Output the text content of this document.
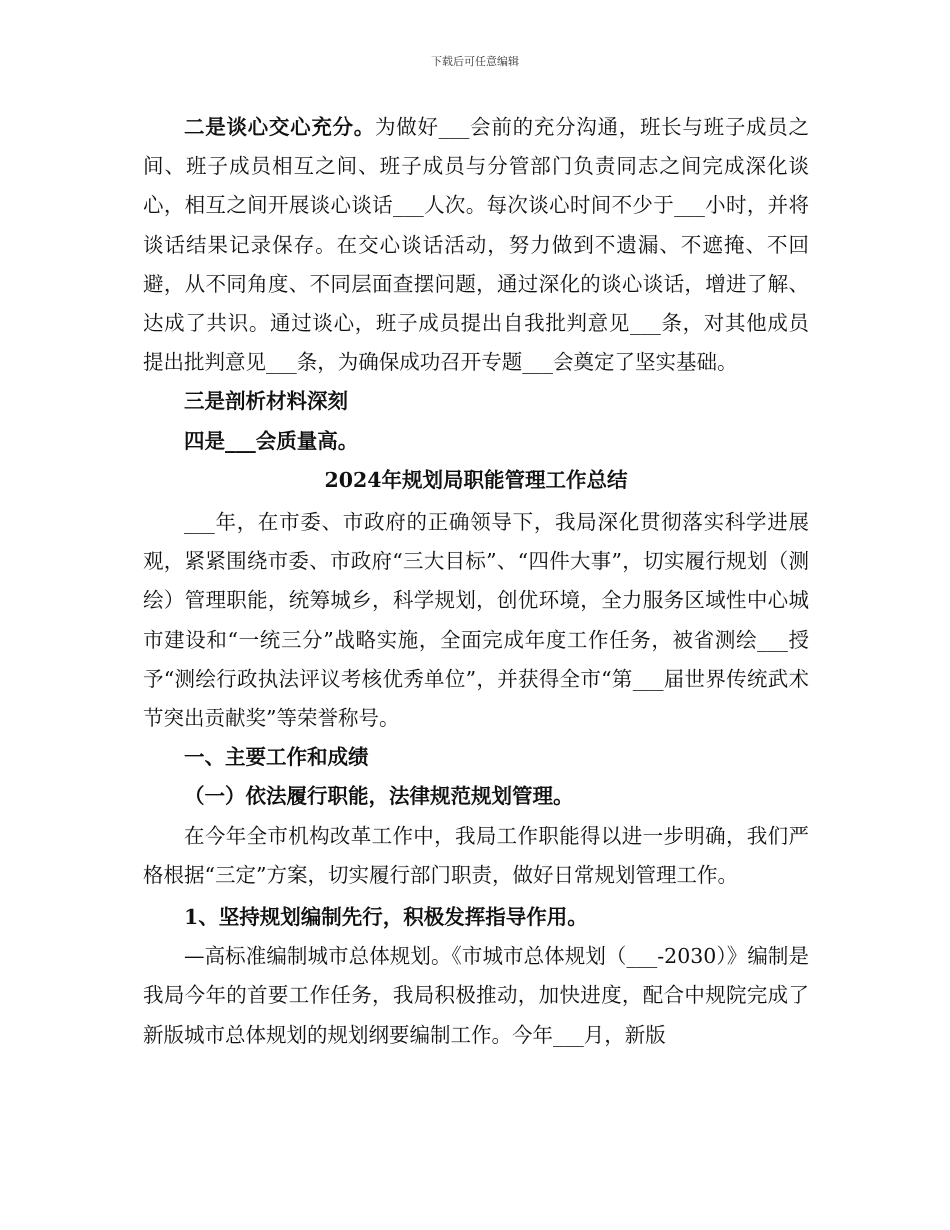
下载后可任意编辑

二是谈心交心充分。为做好___会前的充分沟通，班长与班子成员之间、班子成员相互之间、班子成员与分管部门负责同志之间完成深化谈心，相互之间开展谈心谈话___人次。每次谈心时间不少于___小时，并将谈话结果记录保存。在交心谈话活动，努力做到不遗漏、不遮掩、不回避，从不同角度、不同层面查摆问题，通过深化的谈心谈话，增进了解、达成了共识。通过谈心，班子成员提出自我批判意见___条，对其他成员提出批判意见___条，为确保成功召开专题___会奠定了坚实基础。

三是剖析材料深刻

四是___会质量高。

2024年规划局职能管理工作总结

___年，在市委、市政府的正确领导下，我局深化贯彻落实科学进展观，紧紧围绕市委、市政府“三大目标”、“四件大事”，切实履行规划（测绘）管理职能，统筹城乡，科学规划，创优环境，全力服务区域性中心城市建设和“一统三分”战略实施，全面完成年度工作任务，被省测绘___授予“测绘行政执法评议考核优秀单位”，并获得全市“第___届世界传统武术节突出贡献奖”等荣誉称号。

一、主要工作和成绩

（一）依法履行职能，法律规范规划管理。

在今年全市机构改革工作中，我局工作职能得以进一步明确，我们严格根据“三定”方案，切实履行部门职责，做好日常规划管理工作。

1、坚持规划编制先行，积极发挥指导作用。

—高标准编制城市总体规划。《市城市总体规划（___-2030）》编制是我局今年的首要工作任务，我局积极推动，加快进度，配合中规院完成了新版城市总体规划的规划纲要编制工作。今年___月，新版
